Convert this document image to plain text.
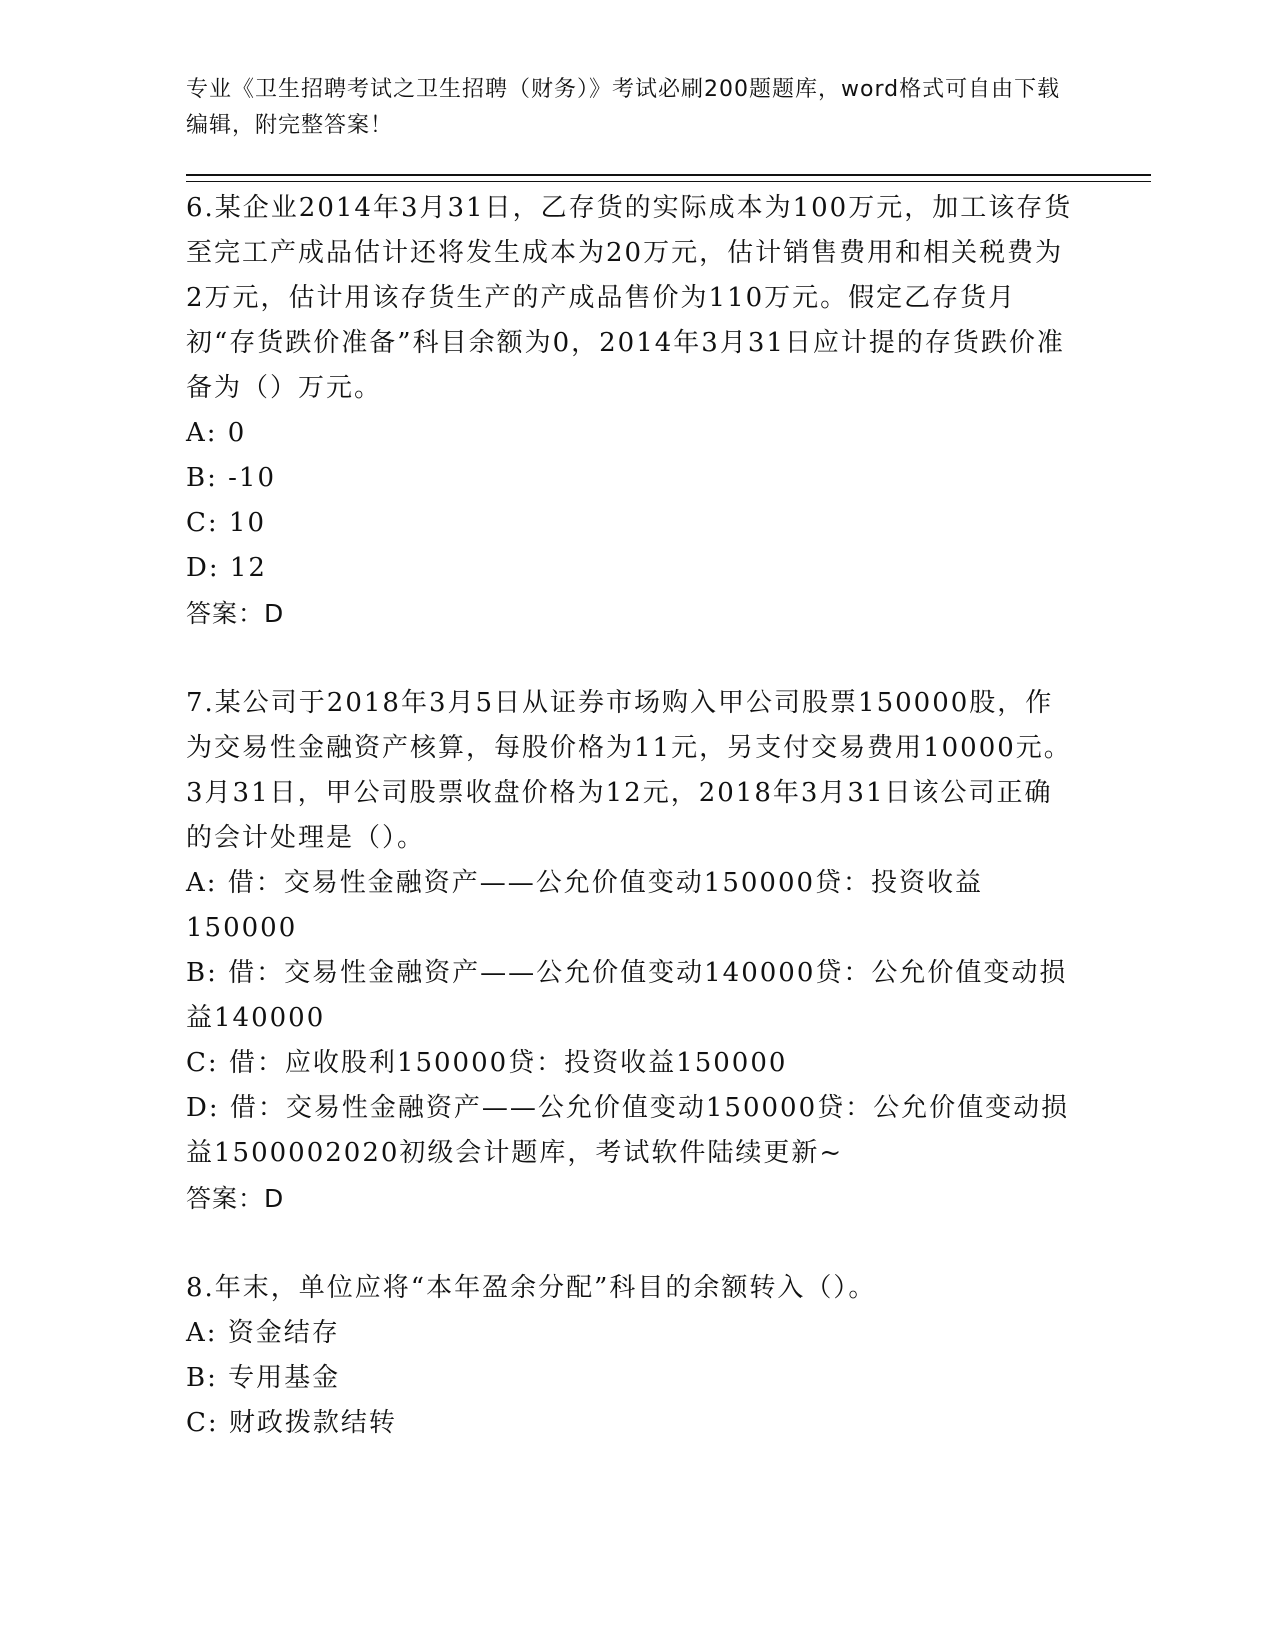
专业《卫生招聘考试之卫生招聘（财务）》考试必刷200题题库，word格式可自由下载编辑，附完整答案！

6.某企业2014年3月31日，乙存货的实际成本为100万元，加工该存货至完工产成品估计还将发生成本为20万元，估计销售费用和相关税费为2万元，估计用该存货生产的产成品售价为110万元。假定乙存货月初“存货跌价准备”科目余额为0，2014年3月31日应计提的存货跌价准备为（）万元。

A: 0

B: -10

C: 10

D: 12

答案：D

7.某公司于2018年3月5日从证券市场购入甲公司股票150000股，作为交易性金融资产核算，每股价格为11元，另支付交易费用10000元。3月31日，甲公司股票收盘价格为12元，2018年3月31日该公司正确的会计处理是（）。

A: 借：交易性金融资产——公允价值变动150000贷：投资收益150000

B: 借：交易性金融资产——公允价值变动140000贷：公允价值变动损益140000

C: 借：应收股利150000贷：投资收益150000

D: 借：交易性金融资产——公允价值变动150000贷：公允价值变动损益1500002020初级会计题库，考试软件陆续更新~

答案：D

8.年末，单位应将“本年盈余分配”科目的余额转入（）。

A: 资金结存

B: 专用基金

C: 财政拨款结转
